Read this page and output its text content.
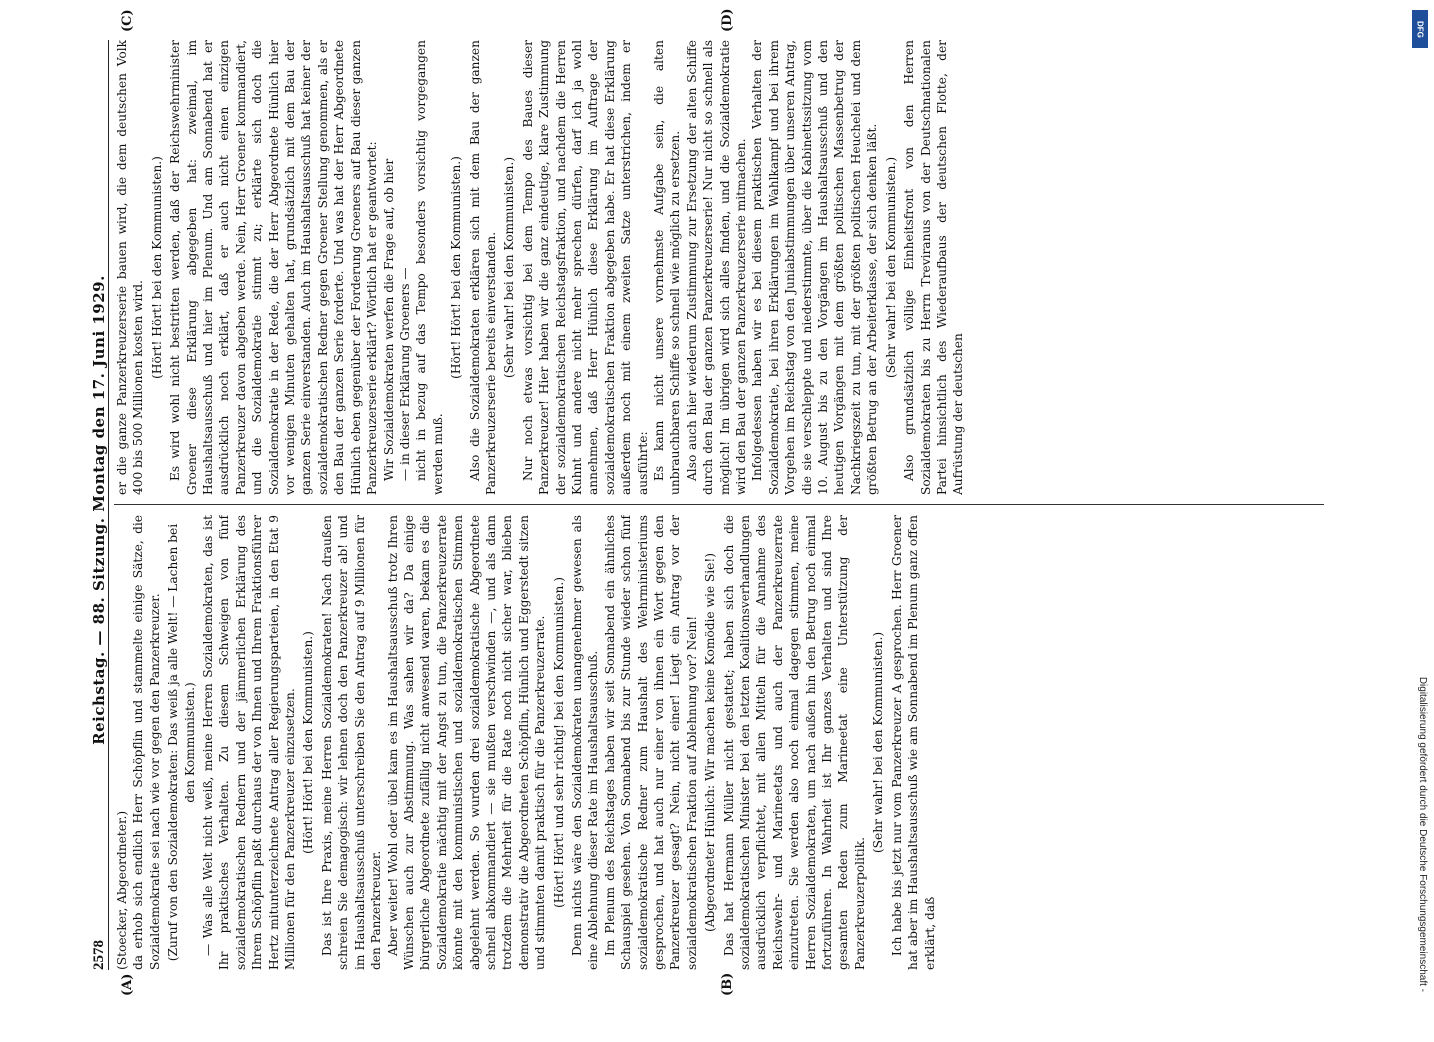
2578
Reichstag. — 88. Sitzung. Montag den 17. Juni 1929.

(Stoecker, Abgeordneter.) da erhob sich endlich Herr Schöpflin und stammelte einige Sätze, die Sozialdemokratie sei nach wie vor gegen den Panzerkreuzer. (Zuruf von den Sozialdemokraten: Das weiß ja alle Welt! — Lachen bei den Kommunisten.) — Was alle Welt nicht weiß, meine Herren Sozialdemokraten, das ist Ihr praktisches Verhalten. Zu diesem Schweigen von fünf sozialdemokratischen Rednern und der jämmerlichen Erklärung des Ihrem Schöpflin paßt durchaus der von Ihnen und Ihrem Fraktionsführer Hertz mitunterzeichnete Antrag aller Regierungsparteien, in den Etat 9 Millionen für den Panzerkreuzer einzusetzen. (Hört! Hört! bei den Kommunisten.) Das ist Ihre Praxis, meine Herren Sozialdemokraten! Nach draußen schreien Sie demagogisch: wir lehnen doch den Panzerkreuzer ab! und im Haushaltsausschuß unterschreiben Sie den Antrag auf 9 Millionen für den Panzerkreuzer. Aber weiter! Wohl oder übel kam es im Haushaltsausschuß trotz Ihren Wünschen auch zur Abstimmung. Was sahen wir da? Da einige bürgerliche Abgeordnete zufällig nicht anwesend waren, bekam es die Sozialdemokratie mächtig mit der Angst zu tun, die Panzerkreuzerrate könnte mit den kommunistischen und sozialdemokratischen Stimmen abgelehnt werden. So wurden drei sozialdemokratische Abgeordnete schnell abkommandiert — sie mußten verschwinden —, und als dann trotzdem die Mehrheit für die Rate noch nicht sicher war, blieben demonstrativ die Abgeordneten Schöpflin, Hünlich und Eggerstedt sitzen und stimmten damit praktisch für die Panzerkreuzerrate. (Hört! Hört! und sehr richtig! bei den Kommunisten.) Denn nichts wäre den Sozialdemokraten unangenehmer gewesen als eine Ablehnung dieser Rate im Haushaltsausschuß. Im Plenum des Reichstages haben wir seit Sonnabend ein ähnliches Schauspiel gesehen. Von Sonnabend bis zur Stunde wieder schon fünf sozialdemokratische Redner zum Haushalt des Wehrministeriums gesprochen, und hat auch nur einer von ihnen ein Wort gegen den Panzerkreuzer gesagt? Nein, nicht einer! Liegt ein Antrag vor der sozialdemokratischen Fraktion auf Ablehnung vor? Nein! (Abgeordneter Hünlich: Wir machen keine Komödie wie Sie!) Das hat Hermann Müller nicht gestattet; haben sich doch die sozialdemokratischen Minister bei den letzten Koalitionsverhandlungen ausdrücklich verpflichtet, mit allen Mitteln für die Annahme des Reichswehr- und Marineetats und auch der Panzerkreuzerrate einzutreten. Sie werden also noch einmal dagegen stimmen, meine Herren Sozialdemokraten, um nach außen hin den Betrug noch einmal fortzuführen. In Wahrheit ist Ihr ganzes Verhalten und sind Ihre gesamten Reden zum Marineetat eine Unterstützung der Panzerkreuzerpolitik.

(Sehr wahr! bei den Kommunisten.) Ich habe bis jetzt nur vom Panzerkreuzer A gesprochen. Herr Groener hat aber im Haushaltsausschuß wie am Sonnabend im Plenum ganz offen erklärt, daß

er die ganze Panzerkreuzerserie bauen wird, die dem deutschen Volk 400 bis 500 Millionen kosten wird.

(Hört! Hört! bei den Kommunisten.) Es wird wohl nicht bestritten werden, daß der Reichswehrminister Groener diese Erklärung abgegeben hat: zweimal, im Haushaltsausschuß und hier im Plenum. Und am Sonnabend hat er ausdrücklich noch erklärt, daß er auch nicht einen einzigen Panzerkreuzer davon abgeben werde. Nein, Herr Groener kommandiert, und die Sozialdemokratie stimmt zu; erklärte sich doch die Sozialdemokratie in der Rede, die der Herr Abgeordnete Hünlich hier vor wenigen Minuten gehalten hat, grundsätzlich mit dem Bau der ganzen Serie einverstanden. Auch im Haushaltsausschuß hat keiner der sozialdemokratischen Redner gegen Groener Stellung genommen, als er den Bau der ganzen Serie forderte. Und was hat der Herr Abgeordnete Hünlich eben gegenüber der Forderung Groeners auf Bau dieser ganzen Panzerkreuzerserie erklärt? Wörtlich hat er geantwortet: Wir Sozialdemokraten werfen die Frage auf, ob hier — in dieser Erklärung Groeners — nicht in bezug auf das Tempo besonders vorsichtig vorgegangen werden muß.

(Hört! Hört! bei den Kommunisten.) Also die Sozialdemokraten erklären sich mit dem Bau der ganzen Panzerkreuzerserie bereits einverstanden. (Sehr wahr! bei den Kommunisten.) Nur noch etwas vorsichtig bei dem Tempo des Baues dieser Panzerkreuzer! Hier haben wir die ganz eindeutige, klare Zustimmung der sozialdemokratischen Reichstagsfraktion, und nachdem die Herren Kuhnt und andere nicht mehr sprechen dürfen, darf ich ja wohl annehmen, daß Herr Hünlich diese Erklärung im Auftrage der sozialdemokratischen Fraktion abgegeben habe. Er hat diese Erklärung außerdem noch mit einem zweiten Satze unterstrichen, indem er ausführte: Es kann nicht unsere vornehmste Aufgabe sein, die alten unbrauchbaren Schiffe so schnell wie möglich zu ersetzen. Also auch hier wiederum Zustimmung zur Ersetzung der alten Schiffe durch den Bau der ganzen Panzerkreuzerserie! Nur nicht so schnell als möglich! Im übrigen wird sich alles finden, und die Sozialdemokratie wird den Bau der ganzen Panzerkreuzerserie mitmachen. Infolgedessen haben wir es bei diesem praktischen Verhalten der Sozialdemokratie, bei ihren Erklärungen im Wahlkampf und bei ihrem Vorgehen im Reichstag von den Juniabstimmungen über unseren Antrag, die sie verschleppte und niederstimmte, über die Kabinettssitzung vom 10. August bis zu den Vorgängen im Haushaltsausschuß und den heutigen Vorgängen mit dem größten politischen Massenbetrug der Nachkriegszeit zu tun, mit der größten politischen Heuchelei und dem größten Betrug an der Arbeiterklasse, der sich denken läßt. (Sehr wahr! bei den Kommunisten.) Also grundsätzlich völlige Einheitsfront von den Herren Sozialdemokraten bis zu Herrn Treviranus von der Deutschnationalen Partei hinsichtlich des Wiederaufbaus der deutschen Flotte, der Aufrüstung der deutschen

(A)	(B)
(C)	(D)
Digitalisierung gefördert durch die Deutsche Forschungsgemeinschaft -
DFG
